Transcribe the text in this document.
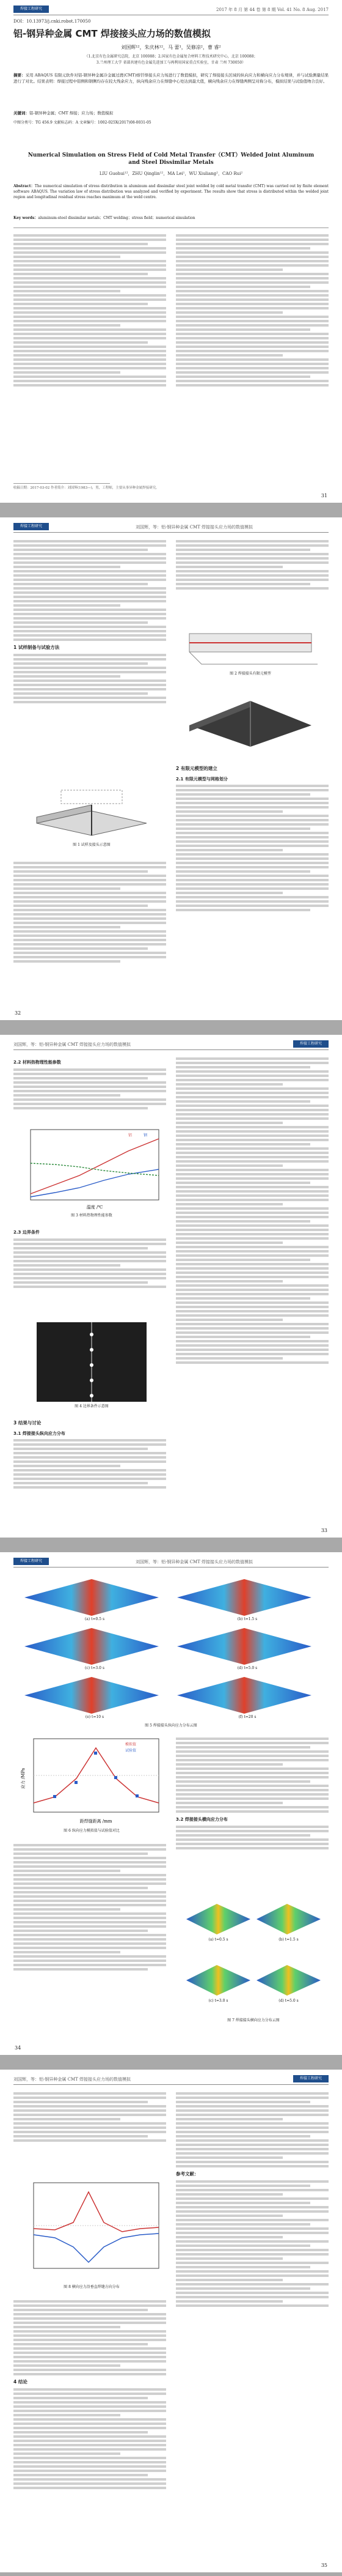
焊接工程研究	2017 年 8 月 第 44 卷 第 8 期 Vol. 41 No. 8 Aug. 2017
DOI：10.13973/j.cnki.robot.170050
铝-钢异种金属 CMT 焊接接头应力场的数值模拟
刘国辉¹²，朱庆林¹²，马 蕾¹，吴修凉²，曹 睿²
（1.北京有色金属研究总院，北京 100088；2.国家有色金属复合材料工程技术研究中心，北京 100088；
3.兰州理工大学 省部共建有色金属先进加工与再利用国家重点实验室，甘肃 兰州 730050）
摘要：采用 ABAQUS 有限元软件对铝-钢异种金属冷金属过渡(CMT)熔钎焊接头应力场进行了数值模拟，研究了焊接接头区域的纵向应力和横向应力分布规律，并与试验测量结果进行了对比。结果表明：焊接过程中铝侧和钢侧均存在较大残余应力，纵向残余应力在焊缝中心处达到最大值，横向残余应力在焊缝两侧呈对称分布，模拟结果与试验值吻合良好。
关键词：铝-钢异种金属；CMT 焊接；应力场；数值模拟
中图分类号：TG 456.9 文献标志码：A 文章编号：1002-025X(2017)08-0031-05
Numerical Simulation on Stress Field of Cold Metal Transfer（CMT）Welded Joint Aluminum and Steel Dissimilar Metals
LIU Guohui¹²，ZHU Qinglin¹²，MA Lei¹，WU Xiuliang²，CAO Rui²
Abstract：The numerical simulation of stress distribution in aluminum and dissimilar steel joint welded by cold metal transfer (CMT) was carried out by finite element software ABAQUS. The variation law of stress distribution was analyzed and verified by experiment. The results show that stress is distributed within the welded joint region and longitudinal residual stress reaches maximum at the weld centre.
Key words：aluminum-steel dissimilar metals；CMT welding；stress field；numerical simulation
收稿日期：2017-03-02 作者简介：刘国辉(1983—)，男，工程师，主要从事异种金属焊接研究。
31
焊接工程研究	刘国辉，等：铝-钢异种金属 CMT 焊接接头应力场的数值模拟
1 试样制备与试验方法
图 1 试样及接头示意图
图 2 焊接接头有限元模型
2 有限元模型的建立
2.1 有限元模型与网格划分
32
刘国辉，等：铝-钢异种金属 CMT 焊接接头应力场的数值模拟	焊接工程研究
2.2 材料热物理性能参数
温度 /℃
铝	钢
图 3 材料热物理性能参数
2.3 边界条件
图 4 边界条件示意图
3 结果与讨论
3.1 焊接接头纵向应力分布
33
焊接工程研究	刘国辉，等：铝-钢异种金属 CMT 焊接接头应力场的数值模拟
(a) t=0.5 s	(b) t=1.5 s
(c) t=3.0 s	(d) t=5.0 s
(e) t=10 s	(f) t=20 s
图 5 焊接接头纵向应力分布云图
距焊缝距离 /mm
应力 /MPa
模拟值
试验值
图 6 纵向应力模拟值与试验值对比
3.2 焊接接头横向应力分布
(a) t=0.5 s	(b) t=1.5 s
(c) t=3.0 s	(d) t=5.0 s
图 7 焊接接头横向应力分布云图
34
刘国辉，等：铝-钢异种金属 CMT 焊接接头应力场的数值模拟	焊接工程研究
图 8 横向应力沿垂直焊缝方向分布
4 结论
参考文献：
35
